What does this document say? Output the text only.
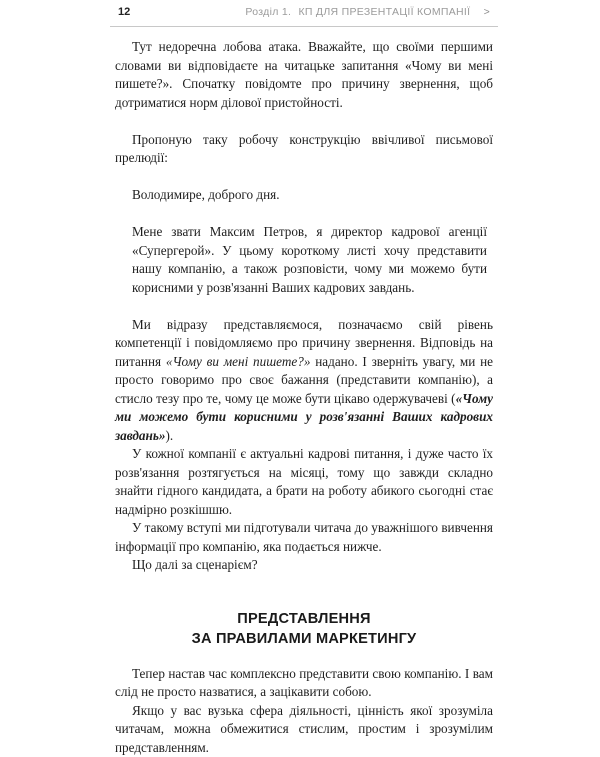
12	Розділ 1. КП ДЛЯ ПРЕЗЕНТАЦІЇ КОМПАНІЇ >

Тут недоречна лобова атака. Вважайте, що своїми першими словами ви відповідаєте на читацьке запитання «Чому ви мені пишете?». Спочатку повідомте про причину звернення, щоб дотриматися норм ділової пристойності.

Пропоную таку робочу конструкцію ввічливої письмової прелюдії:

Володимире, доброго дня.

Мене звати Максим Петров, я директор кадрової агенції «Супергерой». У цьому короткому листі хочу представити нашу компанію, а також розповісти, чому ми можемо бути корисними у розв'язанні Ваших кадрових завдань.

Ми відразу представляємося, позначаємо свій рівень компетенції і повідомляємо про причину звернення. Відповідь на питання «Чому ви мені пишете?» надано. І зверніть увагу, ми не просто говоримо про своє бажання (представити компанію), а стисло тезу про те, чому це може бути цікаво одержувачеві («Чому ми можемо бути корисними у розв'язанні Ваших кадрових завдань»).

У кожної компанії є актуальні кадрові питання, і дуже часто їх розв'язання розтягується на місяці, тому що завжди складно знайти гідного кандидата, а брати на роботу абикого сьогодні стає надмірно розкішшю.

У такому вступі ми підготували читача до уважнішого вивчення інформації про компанію, яка подається нижче.

Що далі за сценарієм?

ПРЕДСТАВЛЕННЯ
ЗА ПРАВИЛАМИ МАРКЕТИНГУ

Тепер настав час комплексно представити свою компанію. І вам слід не просто назватися, а зацікавити собою.

Якщо у вас вузька сфера діяльності, цінність якої зрозуміла читачам, можна обмежитися стислим, простим і зрозумілим представленням.
